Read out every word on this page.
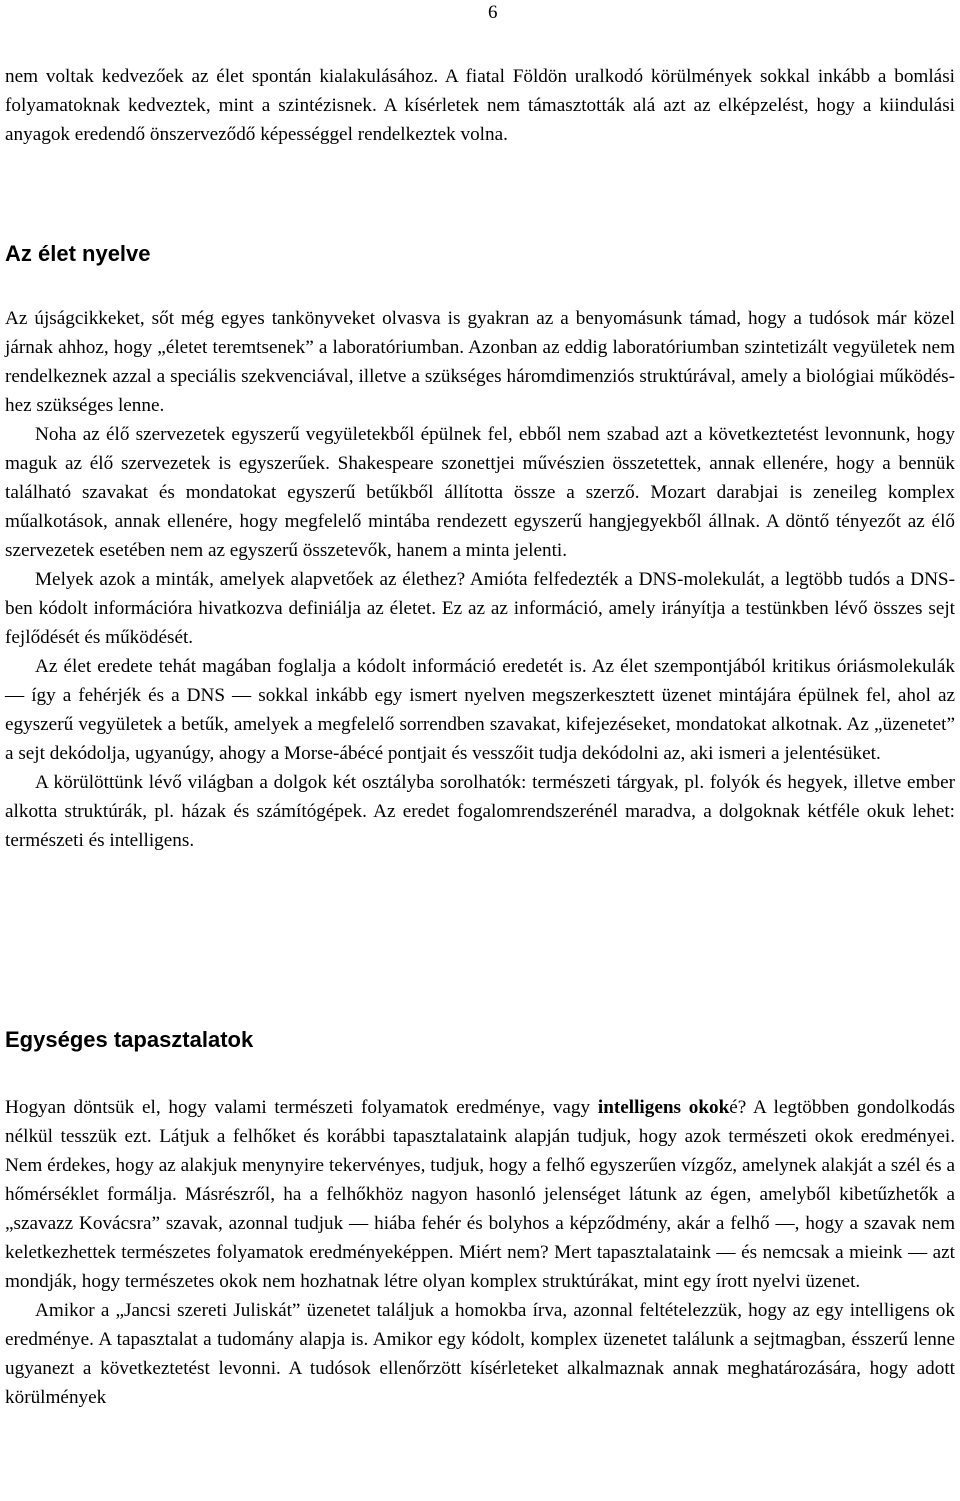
6

nem voltak kedvezőek az élet spontán kialakulásához. A fiatal Földön uralkodó körülmények sokkal inkább a bomlási folyamatoknak kedveztek, mint a szintézisnek. A kísérletek nem támasztották alá azt az elképzelést, hogy a kiindulási anyagok eredendő önszerveződő képességgel rendelkeztek volna.

Az élet nyelve

Az újságcikkeket, sőt még egyes tankönyveket olvasva is gyakran az a benyomásunk támad, hogy a tudósok már közel járnak ahhoz, hogy „életet teremtsenek” a laboratóriumban. Azonban az eddig laboratóriumban szintetizált vegyületek nem rendelkeznek azzal a speciális szekvenciával, illetve a szükséges háromdimenziós struktúrával, amely a biológiai működéshez szükséges lenne.

Noha az élő szervezetek egyszerű vegyületekből épülnek fel, ebből nem szabad azt a következtetést levonnunk, hogy maguk az élő szervezetek is egyszerűek. Shakespeare szonettjei művészien összetettek, annak ellenére, hogy a bennük található szavakat és mondatokat egyszerű betűkből állította össze a szerző. Mozart darabjai is zeneileg komplex műalkotások, annak ellenére, hogy megfelelő mintába rendezett egyszerű hangjegyekből állnak. A döntő tényezőt az élő szervezetek esetében nem az egyszerű összetevők, hanem a minta jelenti.

Melyek azok a minták, amelyek alapvetőek az élethez? Amióta felfedezték a DNS-molekulát, a legtöbb tudós a DNS-ben kódolt információra hivatkozva definiálja az életet. Ez az az információ, amely irányítja a testünkben lévő összes sejt fejlődését és működését.

Az élet eredete tehát magában foglalja a kódolt információ eredetét is. Az élet szempontjából kritikus óriásmolekulák — így a fehérjék és a DNS — sokkal inkább egy ismert nyelven megszerkesztett üzenet mintájára épülnek fel, ahol az egyszerű vegyületek a betűk, amelyek a megfelelő sorrendben szavakat, kifejezéseket, mondatokat alkotnak. Az „üzenetet” a sejt dekódolja, ugyanúgy, ahogy a Morse-ábécé pontjait és vesszőit tudja dekódolni az, aki ismeri a jelentésüket.

A körülöttünk lévő világban a dolgok két osztályba sorolhatók: természeti tárgyak, pl. folyók és hegyek, illetve ember alkotta struktúrák, pl. házak és számítógépek. Az eredet fogalomrendszerénél maradva, a dolgoknak kétféle okuk lehet: természeti és intelligens.

Egységes tapasztalatok

Hogyan döntsük el, hogy valami természeti folyamatok eredménye, vagy intelligens okoké? A legtöbben gondolkodás nélkül tesszük ezt. Látjuk a felhőket és korábbi tapasztalataink alapján tudjuk, hogy azok természeti okok eredményei. Nem érdekes, hogy az alakjuk menynyire tekervényes, tudjuk, hogy a felhő egyszerűen vízgőz, amelynek alakját a szél és a hőmérséklet formálja. Másrészről, ha a felhőkhöz nagyon hasonló jelenséget látunk az égen, amelyből kibetűzhetők a „szavazz Kovácsra” szavak, azonnal tudjuk — hiába fehér és bolyhos a képződmény, akár a felhő —, hogy a szavak nem keletkezhettek természetes folyamatok eredményeképpen. Miért nem? Mert tapasztalataink — és nemcsak a mieink — azt mondják, hogy természetes okok nem hozhatnak létre olyan komplex struktúrákat, mint egy írott nyelvi üzenet.

Amikor a „Jancsi szereti Juliskát” üzenetet találjuk a homokba írva, azonnal feltételezzük, hogy az egy intelligens ok eredménye. A tapasztalat a tudomány alapja is. Amikor egy kódolt, komplex üzenetet találunk a sejtmagban, ésszerű lenne ugyanezt a következtetést levonni. A tudósok ellenőrzött kísérleteket alkalmaznak annak meghatározására, hogy adott körülmények
